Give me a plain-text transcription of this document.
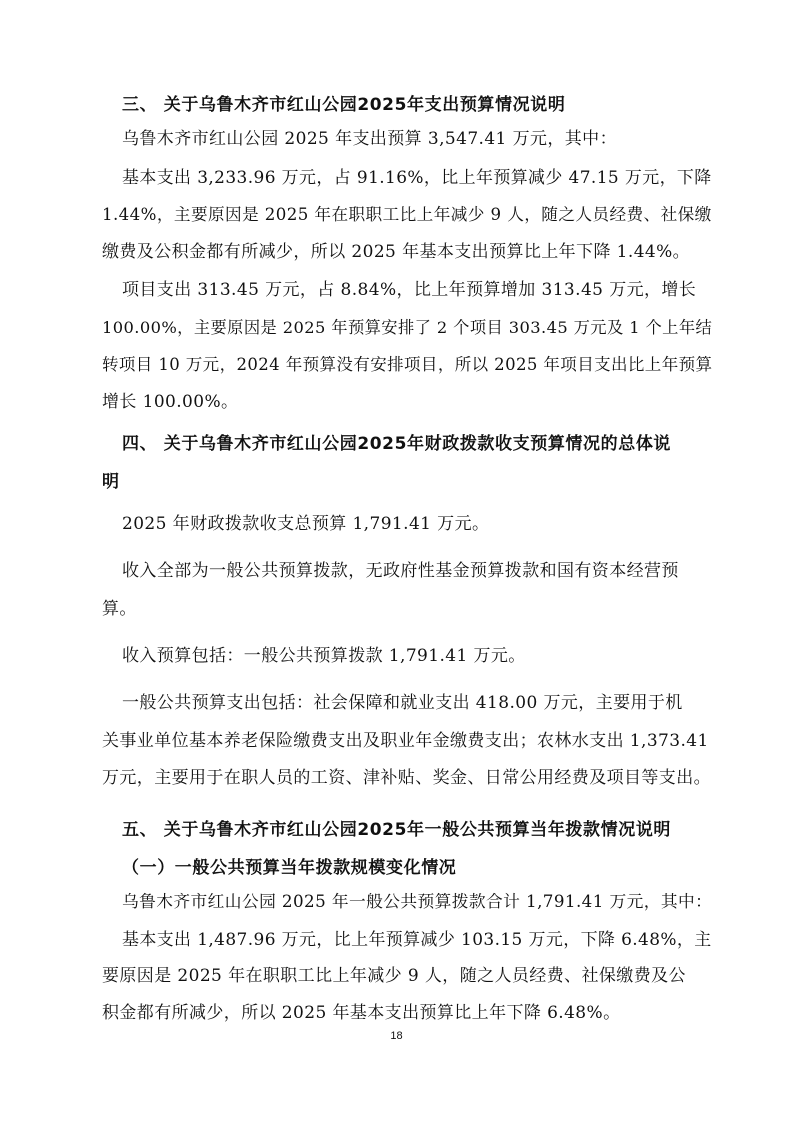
三、 关于乌鲁木齐市红山公园2025年支出预算情况说明
乌鲁木齐市红山公园 2025 年支出预算 3,547.41 万元，其中：
基本支出 3,233.96 万元，占 91.16%，比上年预算减少 47.15 万元，下降
1.44%，主要原因是 2025 年在职职工比上年减少 9 人，随之人员经费、社保缴
缴费及公积金都有所减少，所以 2025 年基本支出预算比上年下降 1.44%。
项目支出 313.45 万元，占 8.84%，比上年预算增加 313.45 万元，增长
100.00%，主要原因是 2025 年预算安排了 2 个项目 303.45 万元及 1 个上年结
转项目 10 万元，2024 年预算没有安排项目，所以 2025 年项目支出比上年预算
增长 100.00%。
四、 关于乌鲁木齐市红山公园2025年财政拨款收支预算情况的总体说
明
2025 年财政拨款收支总预算 1,791.41 万元。
收入全部为一般公共预算拨款，无政府性基金预算拨款和国有资本经营预
算。
收入预算包括：一般公共预算拨款 1,791.41 万元。
一般公共预算支出包括：社会保障和就业支出 418.00 万元，主要用于机
关事业单位基本养老保险缴费支出及职业年金缴费支出；农林水支出 1,373.41
万元，主要用于在职人员的工资、津补贴、奖金、日常公用经费及项目等支出。
五、 关于乌鲁木齐市红山公园2025年一般公共预算当年拨款情况说明
（一）一般公共预算当年拨款规模变化情况
乌鲁木齐市红山公园 2025 年一般公共预算拨款合计 1,791.41 万元，其中：
基本支出 1,487.96 万元，比上年预算减少 103.15 万元，下降 6.48%，主
要原因是 2025 年在职职工比上年减少 9 人，随之人员经费、社保缴费及公
积金都有所减少，所以 2025 年基本支出预算比上年下降 6.48%。
18
